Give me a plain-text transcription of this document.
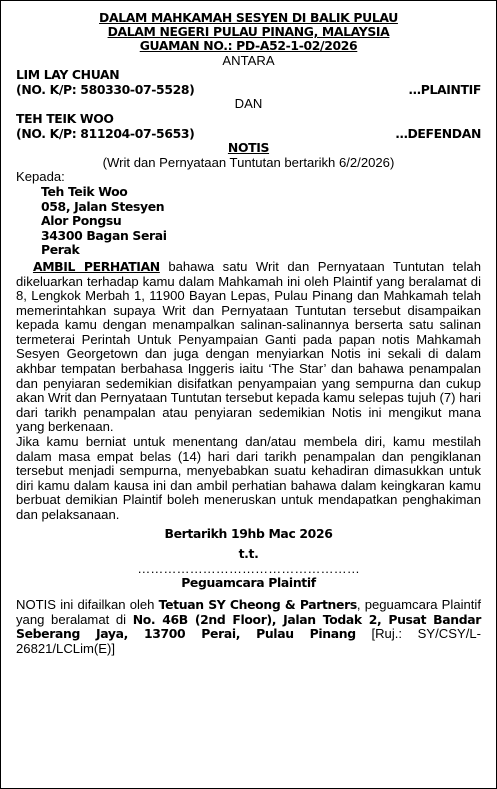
DALAM MAHKAMAH SESYEN DI BALIK PULAU
DALAM NEGERI PULAU PINANG, MALAYSIA
GUAMAN NO.: PD-A52-1-02/2026
ANTARA
LIM LAY CHUAN
(NO. K/P: 580330-07-5528)	…PLAINTIF
DAN
TEH TEIK WOO
(NO. K/P: 811204-07-5653)	…DEFENDAN
NOTIS
(Writ dan Pernyataan Tuntutan bertarikh 6/2/2026)
Kepada:
Teh Teik Woo
058, Jalan Stesyen
Alor Pongsu
34300 Bagan Serai
Perak

AMBIL PERHATIAN bahawa satu Writ dan Pernyataan Tuntutan telah dikeluarkan terhadap kamu dalam Mahkamah ini oleh Plaintif yang beralamat di 8, Lengkok Merbah 1, 11900 Bayan Lepas, Pulau Pinang dan Mahkamah telah memerintahkan supaya Writ dan Pernyataan Tuntutan tersebut disampaikan kepada kamu dengan menampalkan salinan-salinannya berserta satu salinan termeterai Perintah Untuk Penyampaian Ganti pada papan notis Mahkamah Sesyen Georgetown dan juga dengan menyiarkan Notis ini sekali di dalam akhbar tempatan berbahasa Inggeris iaitu ‘The Star’ dan bahawa penampalan dan penyiaran sedemikian disifatkan penyampaian yang sempurna dan cukup akan Writ dan Pernyataan Tuntutan tersebut kepada kamu selepas tujuh (7) hari dari tarikh penampalan atau penyiaran sedemikian Notis ini mengikut mana yang berkenaan.

Jika kamu berniat untuk menentang dan/atau membela diri, kamu mestilah dalam masa empat belas (14) hari dari tarikh penampalan dan pengiklanan tersebut menjadi sempurna, menyebabkan suatu kehadiran dimasukkan untuk diri kamu dalam kausa ini dan ambil perhatian bahawa dalam keingkaran kamu berbuat demikian Plaintif boleh meneruskan untuk mendapatkan penghakiman dan pelaksanaan.

Bertarikh 19hb Mac 2026
t.t.
……………………………………………
Peguamcara Plaintif
NOTIS ini difailkan oleh Tetuan SY Cheong & Partners, peguamcara Plaintif yang beralamat di No. 46B (2nd Floor), Jalan Todak 2, Pusat Bandar Seberang Jaya, 13700 Perai, Pulau Pinang [Ruj.: SY/CSY/L-26821/LCLim(E)]
